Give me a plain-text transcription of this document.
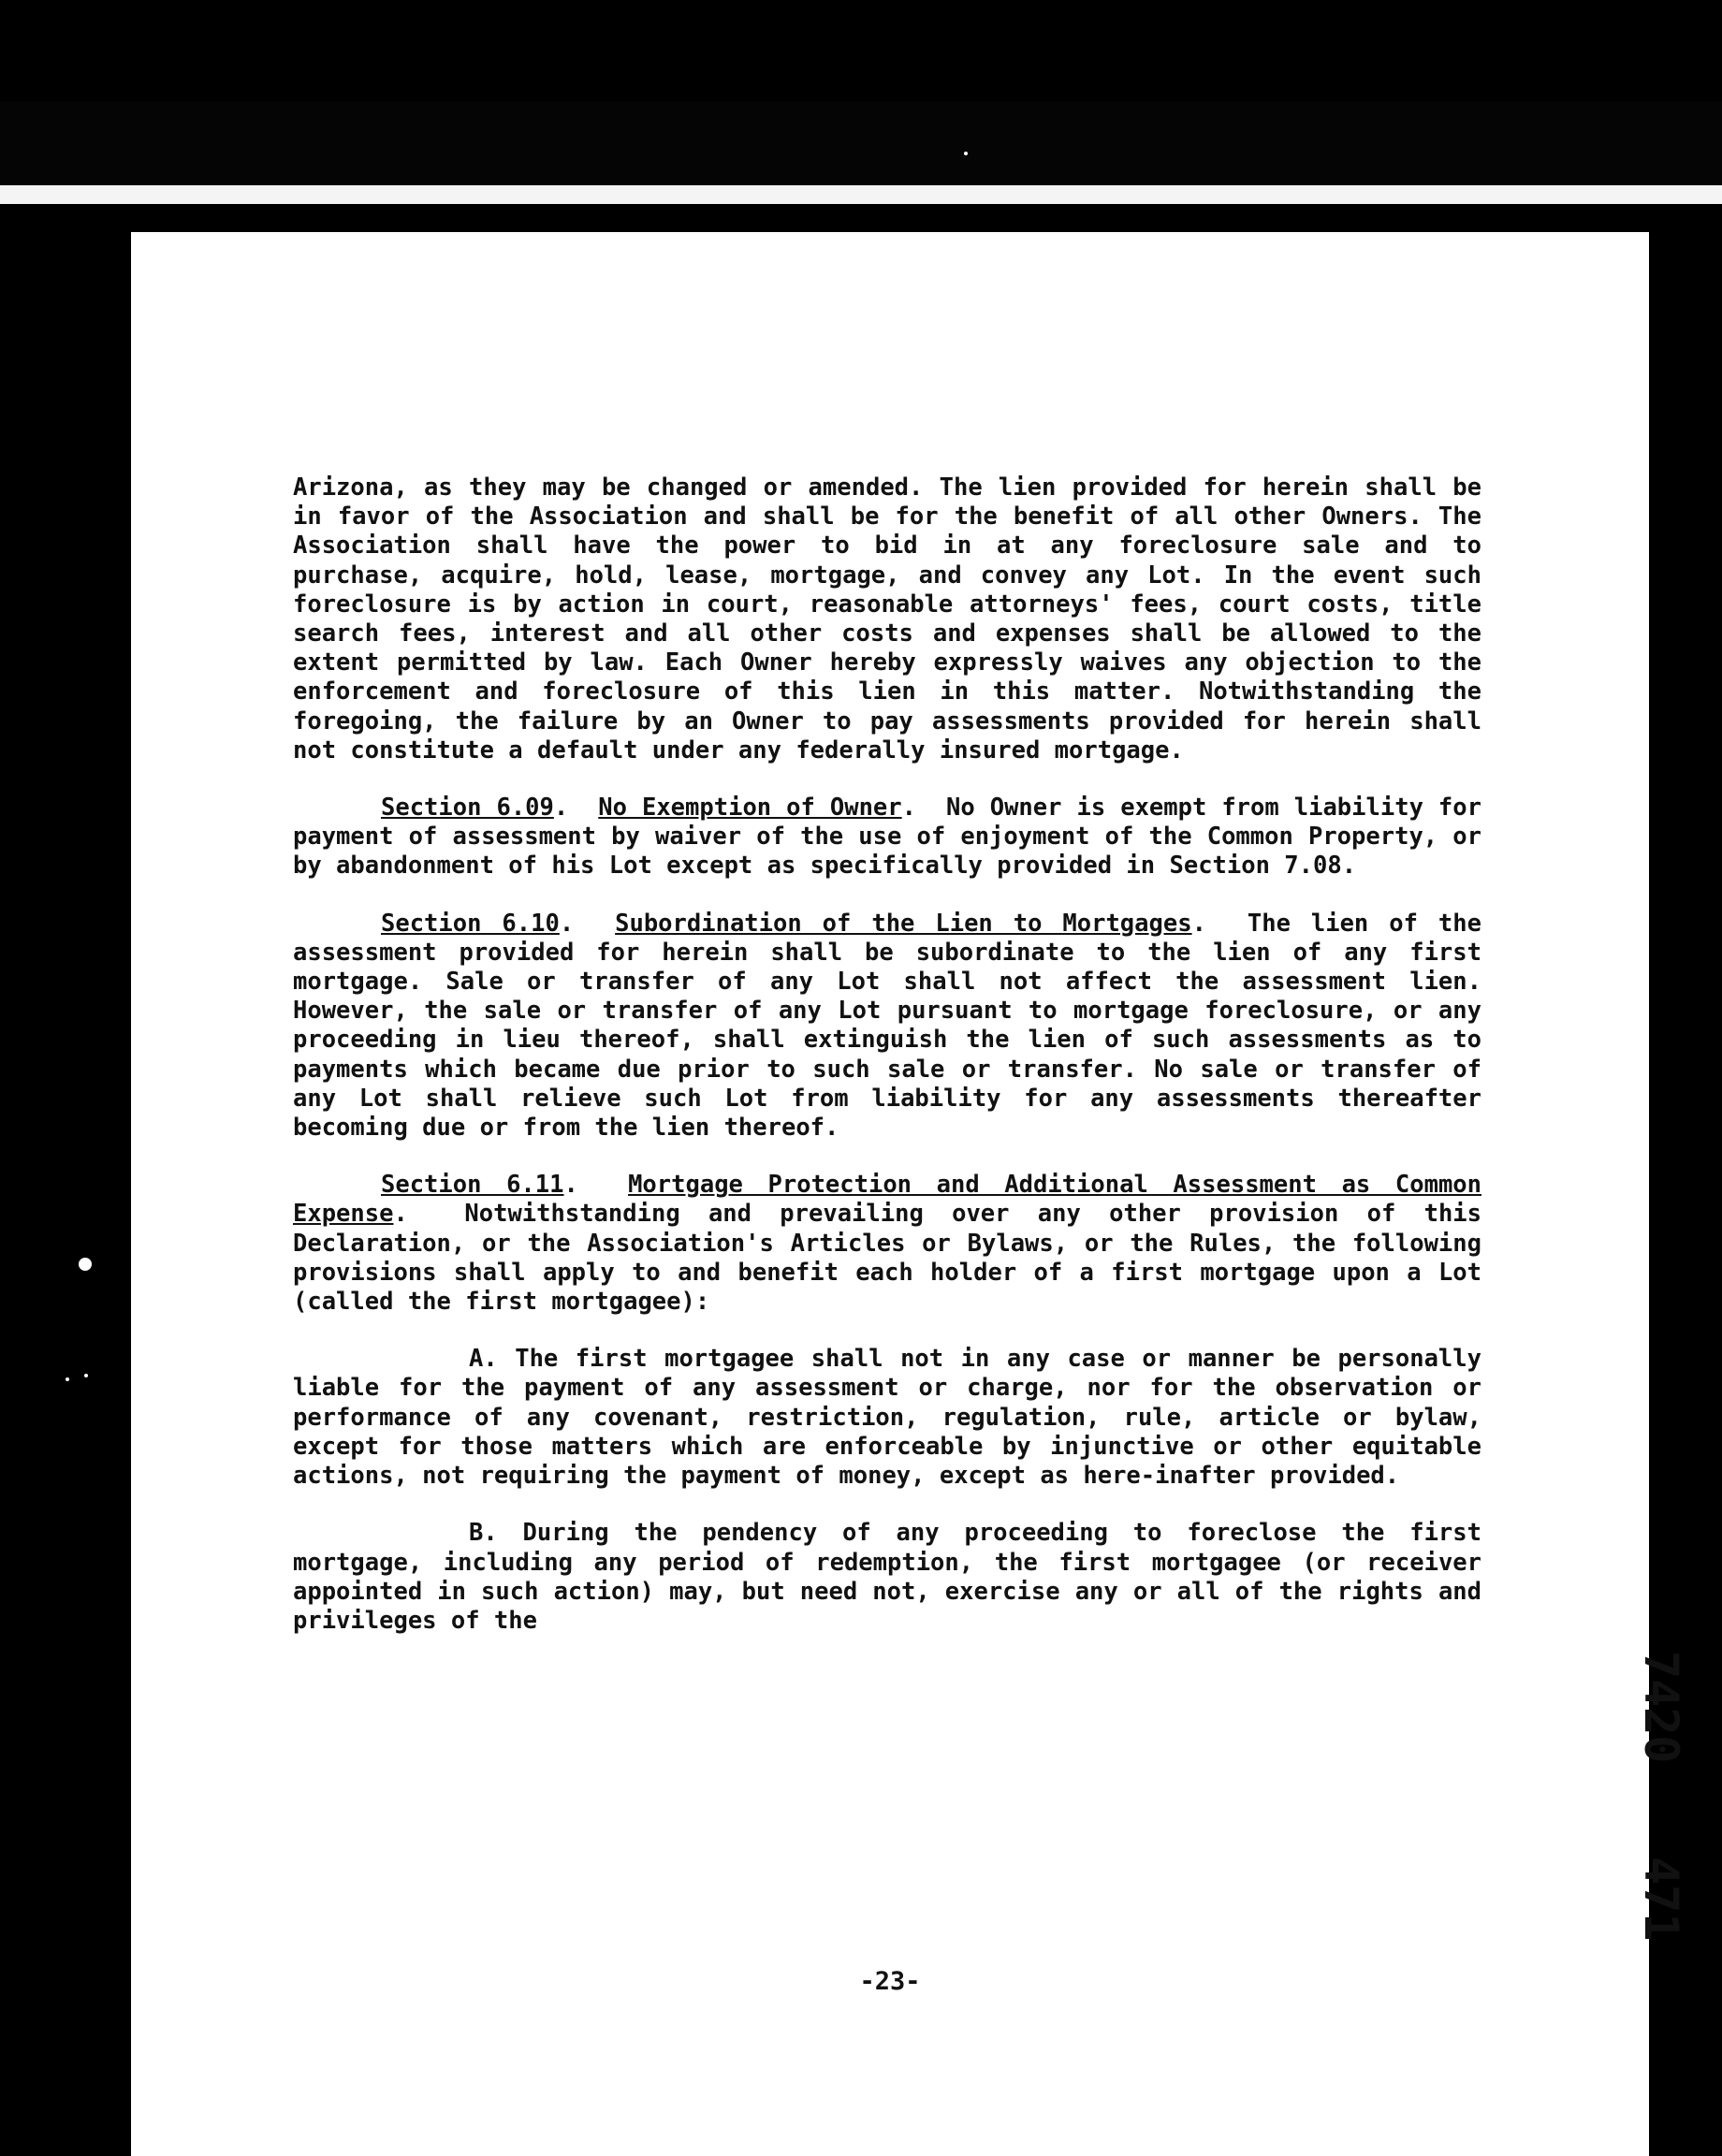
Arizona, as they may be changed or amended. The lien provided for herein shall be in favor of the Association and shall be for the benefit of all other Owners. The Association shall have the power to bid in at any foreclosure sale and to purchase, acquire, hold, lease, mortgage, and convey any Lot. In the event such foreclosure is by action in court, reasonable attorneys' fees, court costs, title search fees, interest and all other costs and expenses shall be allowed to the extent permitted by law. Each Owner hereby expressly waives any objection to the enforcement and foreclosure of this lien in this matter. Notwithstanding the foregoing, the failure by an Owner to pay assessments provided for herein shall not constitute a default under any federally insured mortgage.

Section 6.09.  No Exemption of Owner.  No Owner is exempt from liability for payment of assessment by waiver of the use of enjoyment of the Common Property, or by abandonment of his Lot except as specifically provided in Section 7.08.

Section 6.10.  Subordination of the Lien to Mortgages.  The lien of the assessment provided for herein shall be subordinate to the lien of any first mortgage. Sale or transfer of any Lot shall not affect the assessment lien. However, the sale or transfer of any Lot pursuant to mortgage foreclosure, or any proceeding in lieu thereof, shall extinguish the lien of such assessments as to payments which became due prior to such sale or transfer. No sale or transfer of any Lot shall relieve such Lot from liability for any assessments thereafter becoming due or from the lien thereof.

Section 6.11.  Mortgage Protection and Additional Assessment as Common Expense.  Notwithstanding and prevailing over any other provision of this Declaration, or the Association's Articles or Bylaws, or the Rules, the following provisions shall apply to and benefit each holder of a first mortgage upon a Lot (called the first mortgagee):

A. The first mortgagee shall not in any case or manner be personally liable for the payment of any assessment or charge, nor for the observation or performance of any covenant, restriction, regulation, rule, article or bylaw, except for those matters which are enforceable by injunctive or other equitable actions, not requiring the payment of money, except as here-inafter provided.

B. During the pendency of any proceeding to foreclose the first mortgage, including any period of redemption, the first mortgagee (or receiver appointed in such action) may, but need not, exercise any or all of the rights and privileges of the

-23-
7420
471
